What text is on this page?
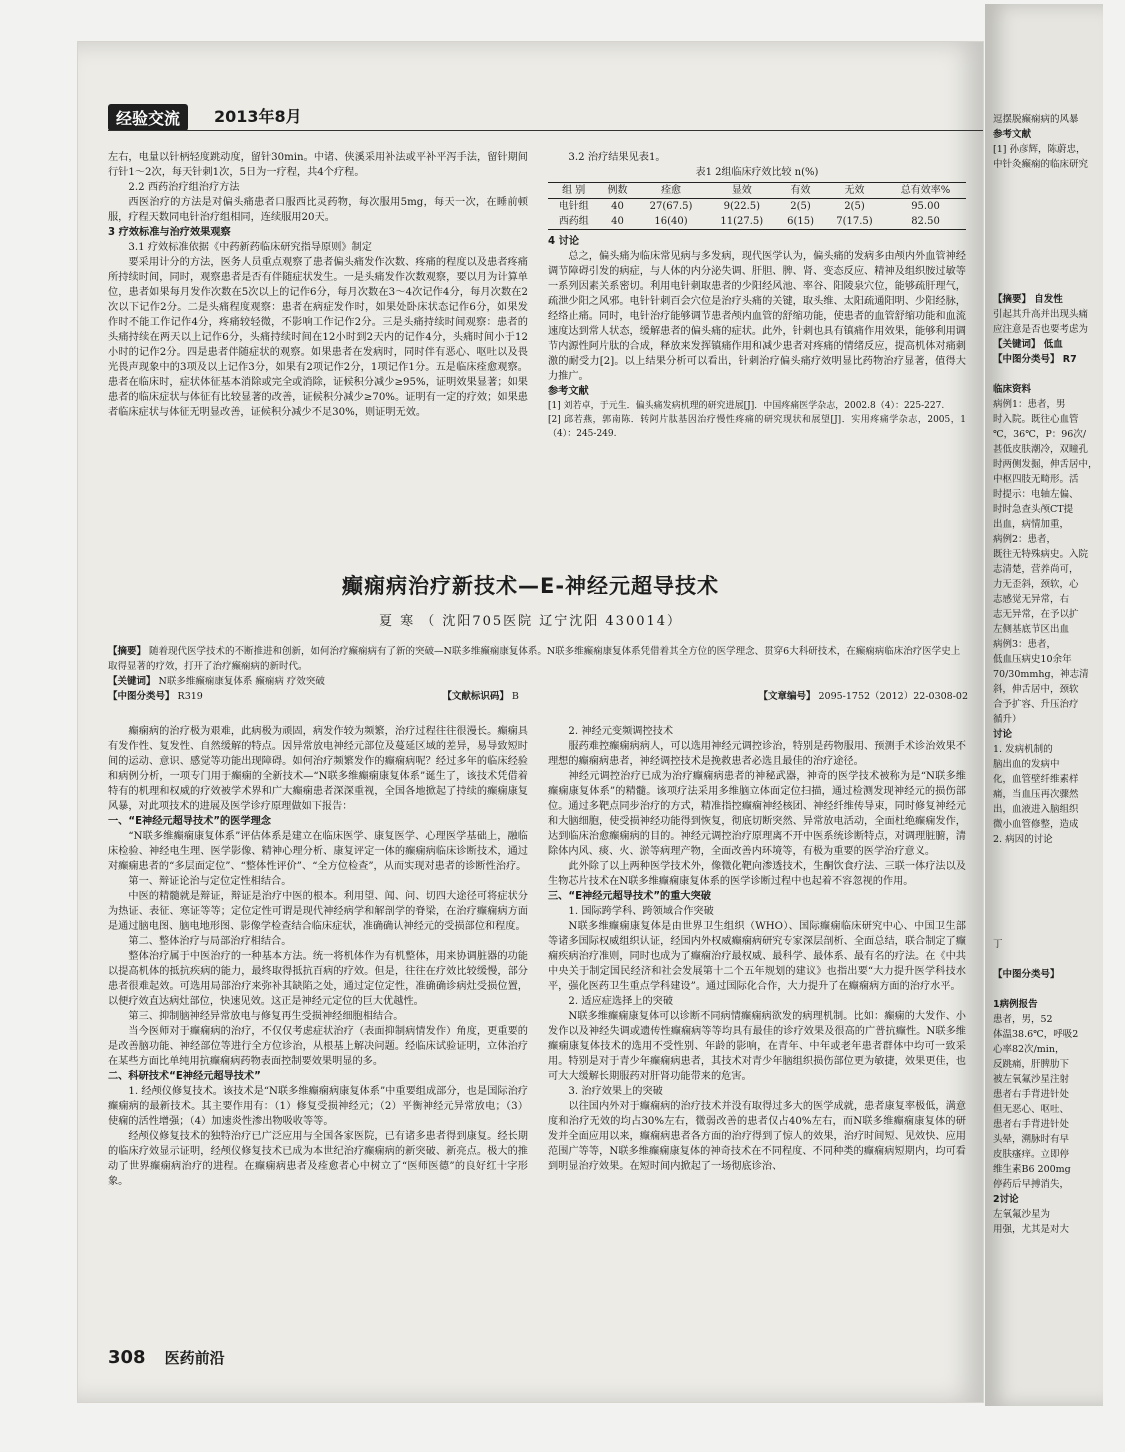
逗摆脱癫痫病的风暴
参考文献
[1] 孙彦辉，陈蔚忠，
中针灸癫痫的临床研究
【摘要】 自发性
引起其升高并出现头痛
应注意是否也要考虑为
【关键词】 低血
【中图分类号】 R7
临床资料
病例1：患者，男
时入院。既往心血管
℃，36℃，P：96次/
甚低皮肤潮冷，双瞳孔
时两侧发掘，伸舌居中，
中枢四肢无畸形。活
时提示：电轴左偏、
时时急查头颅CT提
出血，病情加重，
病例2：患者，
既往无特殊病史。入院
志清楚，营养尚可，
力无歪斜，颈软，心
志感觉无异常，右
志无异常，在予以扩
左侧基底节区出血
病例3：患者，
低血压病史10余年
70/30mmhg，神志清
斜，伸舌居中，颈软
合予扩容、升压治疗
循升）
讨论
1. 发病机制的
脑出血的发病中
化，血管壁纤维素样
痛，当血压再次骤然
出，血液进入脑组织
微小血管修整，造成
2. 病因的讨论
丁
【中图分类号】
1病例报告
患者，男，52
体温38.6℃，呼吸2
心率82次/min，
反跳痛，肝脾肋下
被左氧氟沙星注射
患者右手背进针处
但无恶心、呕吐、
患者右手背进针处
头晕，溯脉时有早
皮肤瘙痒。立即停
维生素B6 200mg
停药后早搏消失，
2讨论
左氧氟沙星为
用强，尤其是对大
经验交流	2013年8月

左右，电量以针柄轻度跳动度，留针30min。中诸、侠溪采用补法或平补平泻手法，留针期间行针1～2次，每天针刺1次，5日为一疗程，共4个疗程。

2.2 西药治疗组治疗方法

西医治疗的方法是对偏头痛患者口服西比灵药物，每次服用5mg，每天一次，在睡前顿服，疗程天数同电针治疗组相同，连续服用20天。

3 疗效标准与治疗效果观察

3.1 疗效标准依据《中药新药临床研究指导原则》制定

要采用计分的方法，医务人员重点观察了患者偏头痛发作次数、疼痛的程度以及患者疼痛所持续时间，同时，观察患者是否有伴随症状发生。一是头痛发作次数观察，要以月为计算单位，患者如果每月发作次数在5次以上的记作6分，每月次数在3～4次记作4分，每月次数在2次以下记作2分。二是头痛程度观察：患者在病症发作时，如果处卧床状态记作6分，如果发作时不能工作记作4分，疼痛较轻微，不影响工作记作2分。三是头痛持续时间观察：患者的头痛持续在两天以上记作6分，头痛持续时间在12小时到2天内的记作4分，头痛时间小于12小时的记作2分。四是患者伴随症状的观察。如果患者在发病时，同时伴有恶心、呕吐以及畏光畏声现象中的3项及以上记作3分，如果有2项记作2分，1项记作1分。五是临床痊愈观察。患者在临床时，症状体征基本消除或完全或消除，证候积分减少≥95%，证明效果显著；如果患者的临床症状与体征有比较显著的改善，证候积分减少≥70%。证明有一定的疗效；如果患者临床症状与体征无明显改善，证候积分减少不足30%，则证明无效。

3.2 治疗结果见表1。

表1 2组临床疗效比较 n(%)
组 别	例数	痊愈	显效	有效	无效	总有效率%
电针组	40	27(67.5)	9(22.5)	2(5)	2(5)	95.00
西药组	40	16(40)	11(27.5)	6(15)	7(17.5)	82.50
4 讨论

总之，偏头痛为临床常见病与多发病，现代医学认为，偏头痛的发病多由颅内外血管神经调节障碍引发的病症，与人体的内分泌失调、肝胆、脾、肾、变态反应、精神及组织胺过敏等一系列因素关系密切。利用电针刺取患者的少阳经风池、率谷、阳陵泉穴位，能够疏肝理气，疏泄少阳之风邪。电针针刺百会穴位是治疗头痛的关键，取头维、太阳疏通阳明、少阳经脉，经络止痛。同时，电针治疗能够调节患者颅内血管的舒缩功能，使患者的血管舒缩功能和血流速度达到常人状态，缓解患者的偏头痛的症状。此外，针刺也具有镇痛作用效果，能够利用调节内源性阿片肽的合成，释放来发挥镇痛作用和减少患者对疼痛的情绪反应，提高机体对痛刺激的耐受力[2]。以上结果分析可以看出，针刺治疗偏头痛疗效明显比药物治疗显著，值得大力推广。

参考文献

[1] 刘若卓，于元生．偏头痛发病机理的研究进展[J]．中国疼痛医学杂志，2002.8（4）：225-227.

[2] 邱若燕，郭南陈．转阿片肽基因治疗慢性疼痛的研究现状和展望[J]．实用疼痛学杂志，2005，1（4）：245-249.

癫痫病治疗新技术—E-神经元超导技术
夏 寒 （ 沈阳705医院 辽宁沈阳 430014）

【摘要】 随着现代医学技术的不断推进和创新，如何治疗癫痫病有了新的突破—N联多维癫痫康复体系。N联多维癫痫康复体系凭借着其全方位的医学理念、贯穿6大科研技术，在癫痫病临床治疗医学史上取得显著的疗效，打开了治疗癫痫病的新时代。

【关键词】 N联多维癫痫康复体系 癫痫病 疗效突破

【中图分类号】 R319	【文献标识码】 B	【文章编号】 2095-1752（2012）22-0308-02

癫痫病的治疗极为艰难，此病极为顽固，病发作较为频繁，治疗过程往往很漫长。癫痫具有发作性、复发性、自然缓解的特点。因异常放电神经元部位及蔓延区域的差异，易导致短时间的运动、意识、感觉等功能出现障碍。如何治疗频繁发作的癫痫病呢？经过多年的临床经验和病例分析，一项专门用于癫痫的全新技术—“N联多维癫痫康复体系”诞生了，该技术凭借着特有的机理和权威的疗效被学术界和广大癫痫患者深深重视，全国各地掀起了持续的癫痫康复风暴，对此项技术的进展及医学诊疗原理做如下报告：

一、“E神经元超导技术”的医学理念

“N联多维癫痫康复体系”评估体系是建立在临床医学、康复医学、心理医学基础上，融临床检验、神经电生理、医学影像、精神心理分析、康复评定一体的癫痫病临床诊断技术，通过对癫痫患者的“多层面定位”、“整体性评价”、“全方位检查”，从而实现对患者的诊断性治疗。

第一、辩证论治与定位定性相结合。

中医的精髓就是辩证，辩证是治疗中医的根本。利用望、闻、问、切四大途径可将症状分为热证、表征、寒证等等；定位定性可谓是现代神经病学和解剖学的脊梁，在治疗癫痫病方面是通过脑电图、脑电地形图、影像学检查结合临床症状，准确确认神经元的受损部位和程度。

第二、整体治疗与局部治疗相结合。

整体治疗属于中医治疗的一种基本方法。统一将机体作为有机整体，用来协调脏器的功能以提高机体的抵抗疾病的能力，最终取得抵抗百病的疗效。但是，往往在疗效比较缓慢，部分患者很难起效。可选用局部治疗来弥补其缺陷之处，通过定位定性，准确确诊病灶受损位置，以便疗效直达病灶部位，快速见效。这正是神经元定位的巨大优越性。

第三、抑制脑神经异常放电与修复再生受损神经细胞相结合。

当今医师对于癫痫病的治疗，不仅仅考虑症状治疗（表面抑制病情发作）角度，更重要的是改善脑功能、神经部位等进行全方位诊治，从根基上解决问题。经临床试验证明，立体治疗在某些方面比单纯用抗癫痫病药物表面控制要效果明显的多。

二、科研技术“E神经元超导技术”

1. 经颅仪修复技术。该技术是“N联多维癫痫病康复体系”中重要组成部分，也是国际治疗癫痫病的最新技术。其主要作用有：（1）修复受损神经元；（2）平衡神经元异常放电；（3）使痫的活性增强；（4）加速炎性渗出物吸收等等。

经颅仪修复技术的独特治疗已广泛应用与全国各家医院，已有诸多患者得到康复。经长期的临床疗效显示证明，经颅仪修复技术已成为本世纪治疗癫痫病的新突破、新亮点。极大的推动了世界癫痫病治疗的进程。在癫痫病患者及痊愈者心中树立了“医师医德”的良好红十字形象。

2. 神经元变频调控技术

服药难控癫痫病病人，可以选用神经元调控诊治，特别是药物服用、预测手术诊治效果不理想的癫痫病患者，神经调控技术是挽救患者必选且最佳的治疗途径。

神经元调控治疗已成为治疗癫痫病患者的神秘武器，神奇的医学技术被称为是“N联多维癫痫康复体系”的精髓。该项疗法采用多维脑立体面定位扫描，通过检测发现神经元的损伤部位。通过多靶点同步治疗的方式，精准指控癫痫神经核团、神经纤维传导束，同时修复神经元和大脑细胞，使受损神经功能得到恢复，彻底切断突然、异常放电活动，全面杜绝癫痫发作，达到临床治愈癫痫病的目的。神经元调控治疗原理离不开中医系统诊断特点，对调理脏腑，清除体内风、痰、火、淤等病理产物，全面改善内环境等，有极为重要的医学治疗意义。

此外除了以上两种医学技术外，像微化靶向渗透技术，生酮饮食疗法、三联一体疗法以及生物芯片技术在N联多维癫痫康复体系的医学诊断过程中也起着不容忽视的作用。

三、“E神经元超导技术”的重大突破

1. 国际跨学科、跨领域合作突破

N联多维癫痫康复体是由世界卫生组织（WHO）、国际癫痫临床研究中心、中国卫生部等诸多国际权威组织认证，经国内外权威癫痫病研究专家深层剖析、全面总结，联合制定了癫痫疾病治疗准则，同时也成为了癫痫治疗最权威、最科学、最体系、最有名的疗法。在《中共中央关于制定国民经济和社会发展第十二个五年规划的建议》也指出要“大力提升医学科技水平，强化医药卫生重点学科建设”。通过国际化合作，大力提升了在癫痫病方面的治疗水平。

2. 适应症选择上的突破

N联多维癫痫康复体可以诊断不同病情癫痫病欲发的病理机制。比如：癫痫的大发作、小发作以及神经失调或遗传性癫痫病等等均具有最佳的诊疗效果及很高的广普抗癫性。N联多维癫痫康复体技术的选用不受性别、年龄的影响，在青年、中年或老年患者群体中均可一致采用。特别是对于青少年癫痫病患者，其技术对青少年脑组织损伤部位更为敏捷，效果更佳，也可大大缓解长期服药对肝肾功能带来的危害。

3. 治疗效果上的突破

以往国内外对于癫痫病的治疗技术并没有取得过多大的医学成就，患者康复率极低，满意度和治疗无效的均占30%左右，微弱改善的患者仅占40%左右，而N联多维癫痫康复体的研发并全面应用以来，癫痫病患者各方面的治疗得到了惊人的效果，治疗时间短、见效快、应用范围广等等，N联多维癫痫康复体的神奇技术在不同程度、不同种类的癫痫病短期内，均可看到明显治疗效果。在短时间内掀起了一场彻底诊治、

308 医药前沿
